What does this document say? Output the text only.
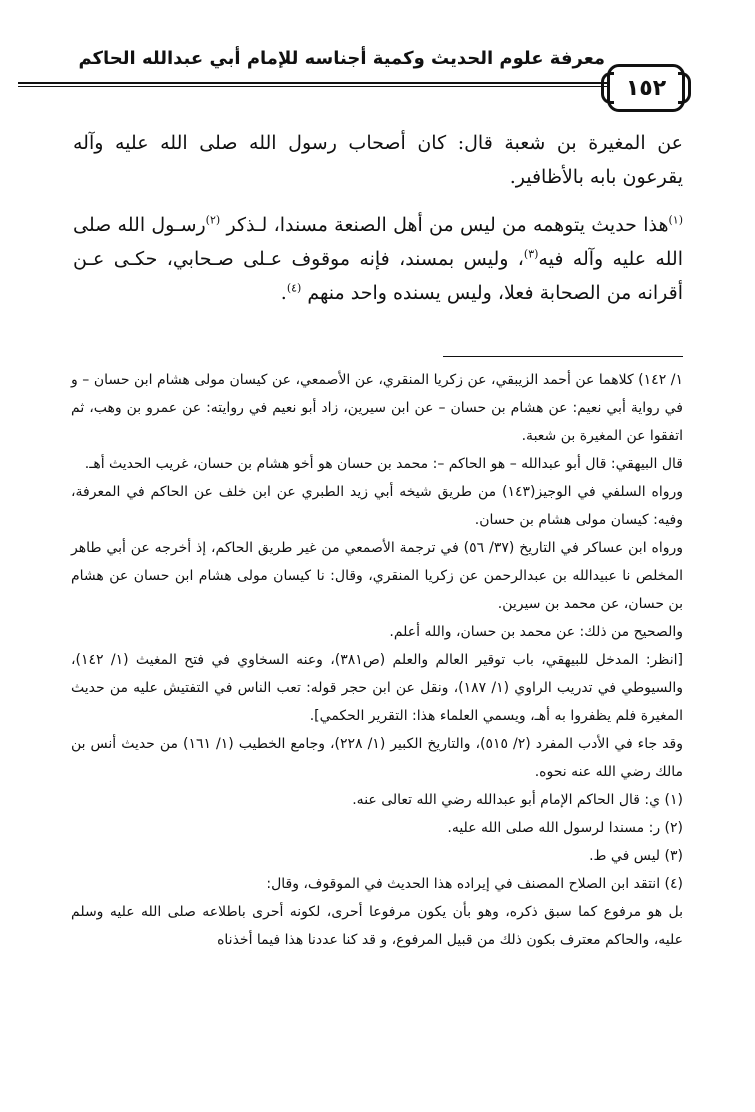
معرفة علوم الحديث وكمية أجناسه للإمام أبي عبدالله الحاكم
١٥٢

عن المغيرة بن شعبة قال: كان أصحاب رسول الله صلى الله عليه وآله يقرعون بابه بالأظافير.

$^{(١)}$هذا حديث يتوهمه من ليس من أهل الصنعة مسندا، لـذكر $^{(٢)}$رسـول الله صلى الله عليه وآله فيه$^{(٣)}$، وليس بمسند، فإنه موقوف عـلى صـحابي، حكـى عـن أقرانه من الصحابة فعلا، وليس يسنده واحد منهم $^{(٤)}$.

١/ ١٤٢) كلاهما عن أحمد الزيبقي، عن زكريا المنقري، عن الأصمعي، عن كيسان مولى هشام ابن حسان – و في رواية أبي نعيم: عن هشام بن حسان – عن ابن سيرين، زاد أبو نعيم في روايته: عن عمرو بن وهب، ثم اتفقوا عن المغيرة بن شعبة.

قال البيهقي: قال أبو عبدالله – هو الحاكم –: محمد بن حسان هو أخو هشام بن حسان، غريب الحديث أهـ.

ورواه السلفي في الوجيز(١٤٣) من طريق شيخه أبي زيد الطبري عن ابن خلف عن الحاكم في المعرفة، وفيه: كيسان مولى هشام بن حسان.

ورواه ابن عساكر في التاريخ (٣٧/ ٥٦) في ترجمة الأصمعي من غير طريق الحاكم، إذ أخرجه عن أبي طاهر المخلص نا عبيدالله بن عبدالرحمن عن زكريا المنقري، وقال: نا كيسان مولى هشام ابن حسان عن هشام بن حسان، عن محمد بن سيرين.

والصحيح من ذلك: عن محمد بن حسان، والله أعلم.

[انظر: المدخل للبيهقي، باب توقير العالم والعلم (ص٣٨١)، وعنه السخاوي في فتح المغيث (١/ ١٤٢)، والسيوطي في تدريب الراوي (١/ ١٨٧)، ونقل عن ابن حجر قوله: تعب الناس في التفتيش عليه من حديث المغيرة فلم يظفروا به أهـ، ويسمي العلماء هذا: التقرير الحكمي].

وقد جاء في الأدب المفرد (٢/ ٥١٥)، والتاريخ الكبير (١/ ٢٢٨)، وجامع الخطيب (١/ ١٦١) من حديث أنس بن مالك رضي الله عنه نحوه.

(١) ي: قال الحاكم الإمام أبو عبدالله رضي الله تعالى عنه.

(٢) ر: مسندا لرسول الله صلى الله عليه.

(٣) ليس في ط.

(٤) انتقد ابن الصلاح المصنف في إيراده هذا الحديث في الموقوف، وقال:

بل هو مرفوع كما سبق ذكره، وهو بأن يكون مرفوعا أحرى، لكونه أحرى باطلاعه صلى الله عليه وسلم عليه، والحاكم معترف بكون ذلك من قبيل المرفوع، و قد كنا عددنا هذا فيما أخذناه
